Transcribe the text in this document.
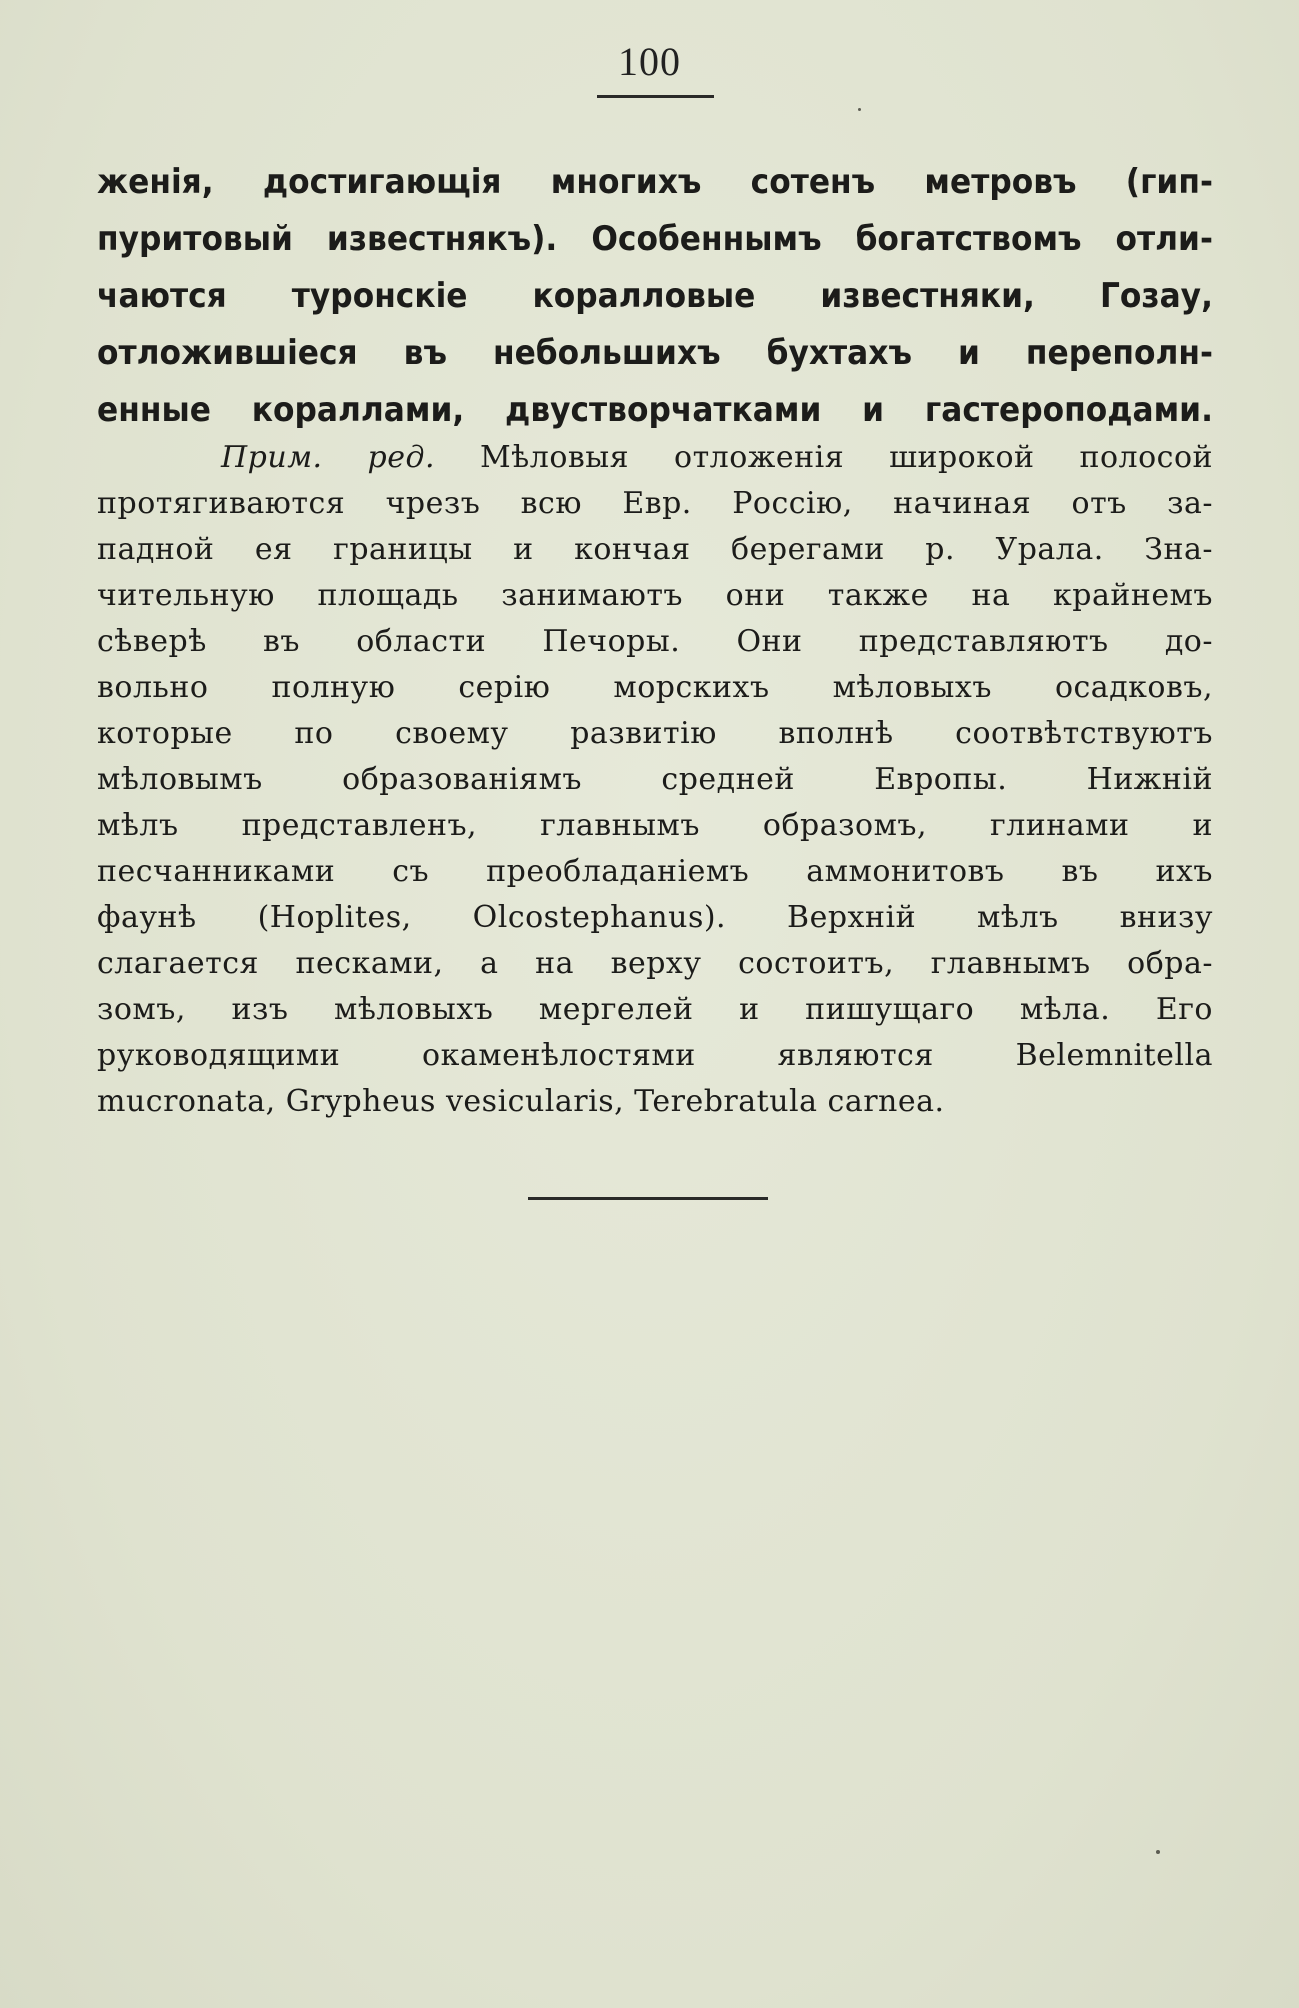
100
женія, достигающія многихъ сотенъ метровъ (гип-
пуритовый известнякъ). Особеннымъ богатствомъ отли-
чаются туронскіе коралловые известняки, Гозау,
отложившіеся въ небольшихъ бухтахъ и переполн-
енные кораллами, двустворчатками и гастероподами.
Прим. ред. Мѣловыя отложенія широкой полосой
протягиваются чрезъ всю Евр. Россію, начиная отъ за-
падной ея границы и кончая берегами р. Урала. Зна-
чительную площадь занимаютъ они также на крайнемъ
сѣверѣ въ области Печоры. Они представляютъ до-
вольно полную серію морскихъ мѣловыхъ осадковъ,
которые по своему развитію вполнѣ соотвѣтствуютъ
мѣловымъ образованіямъ средней Европы. Нижній
мѣлъ представленъ, главнымъ образомъ, глинами и
песчанниками съ преобладаніемъ аммонитовъ въ ихъ
фаунѣ (Hoplites, Olcostephanus). Верхній мѣлъ внизу
слагается песками, а на верху состоитъ, главнымъ обра-
зомъ, изъ мѣловыхъ мергелей и пишущаго мѣла. Его
руководящими окаменѣлостями являются Belemnitella
mucronata, Grypheus vesicularis, Terebratula carnea.
